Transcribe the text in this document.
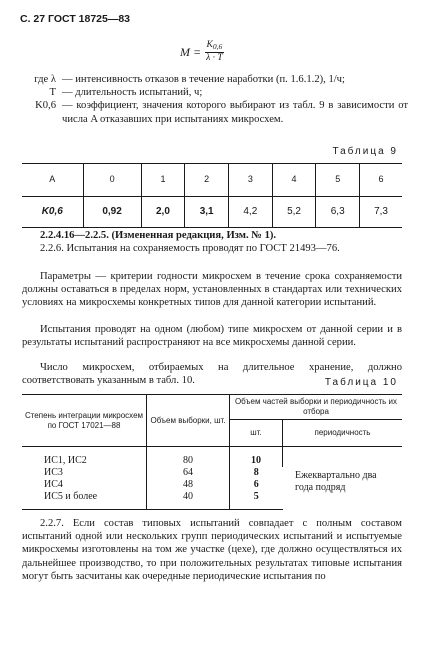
С. 27 ГОСТ 18725—83
$M = \frac{K_{0,6}}{\lambda \cdot T}$
где λ — интенсивность отказов в течение наработки (п. 1.6.1.2), 1/ч;
T — длительность испытаний, ч;
K0,6 — коэффициент, значения которого выбирают из табл. 9 в зависимости от числа A отказавших при испытаниях микросхем.
Таблица 9
A	0	1	2	3	4	5	6
K0,6	0,92	2,0	3,1	4,2	5,2	6,3	7,3
2.2.4.16—2.2.5. (Измененная редакция, Изм. № 1).
2.2.6. Испытания на сохраняемость проводят по ГОСТ 21493—76.
Параметры — критерии годности микросхем в течение срока сохраняемости должны оставаться в пределах норм, установленных в стандартах или технических условиях на микросхемы конкретных типов для данной категории испытаний.
Испытания проводят на одном (любом) типе микросхем от данной серии и в результаты испытаний распространяют на все микросхемы данной серии.
Число микросхем, отбираемых на длительное хранение, должно соответствовать указанным в табл. 10.	Таблица 10
Степень интеграции микросхем по ГОСТ 17021—88	Объем выборки, шт.	Объем частей выборки и периодичность их отбора	
		шт.	периодичность
ИС1, ИС2	80	10	Ежеквартально два года подряд

ИС3	64	8	
ИС4	48	6	
ИС5 и более	40	5	
2.2.7. Если состав типовых испытаний совпадает с полным составом испытаний одной или нескольких групп периодических испытаний и испытуемые микросхемы изготовлены на том же участке (цехе), где должно осуществляться их дальнейшее производство, то при положительных результатах типовые испытания могут быть засчитаны как очередные периодические испытания по
